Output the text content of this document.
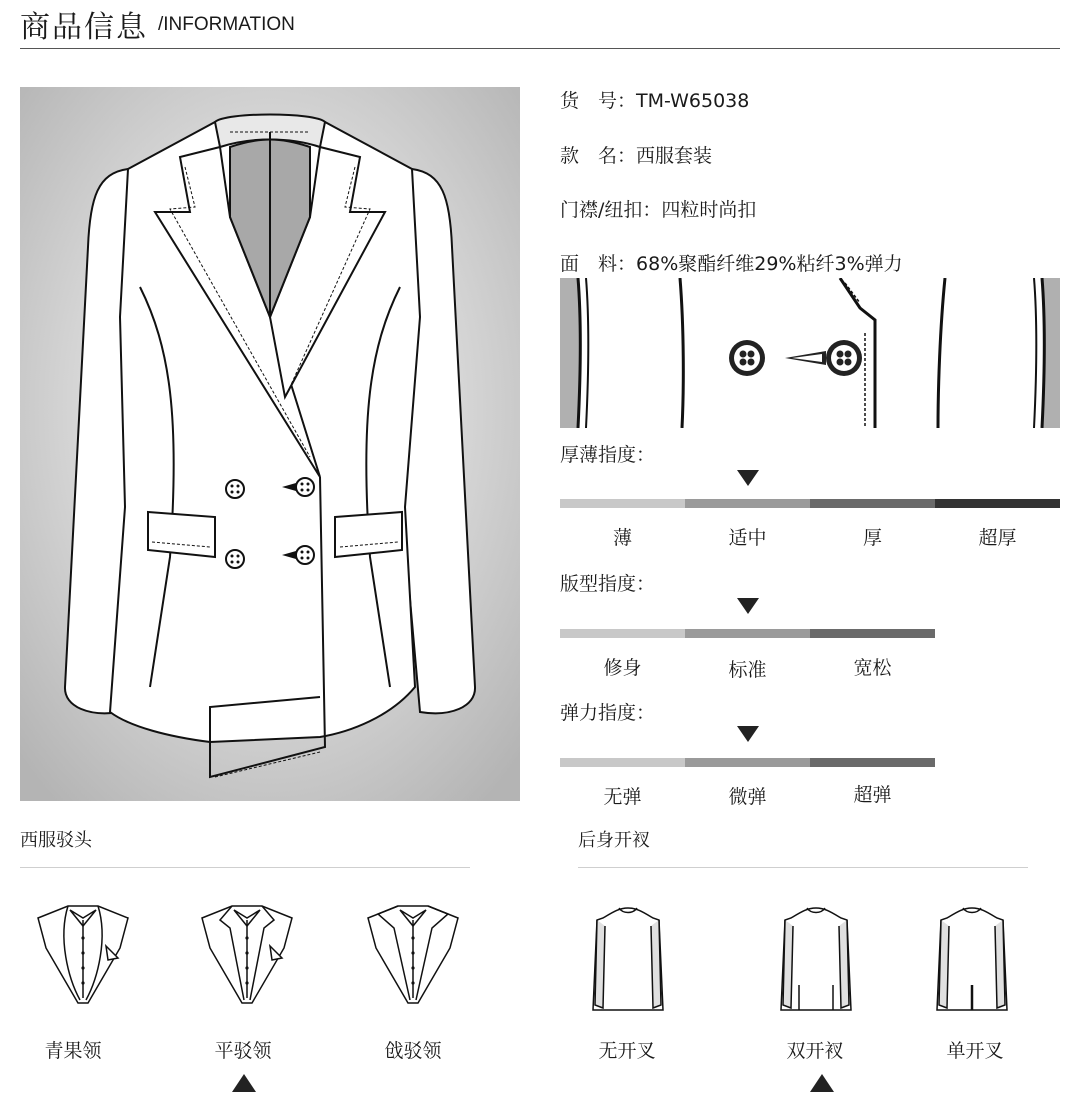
商品信息 /INFORMATION
货　号：TM-W65038
款　名：西服套装
门襟/纽扣：四粒时尚扣
面　料：68%聚酯纤维29%粘纤3%弹力
厚薄指度：
薄	适中	厚	超厚
版型指度：
修身	标准	宽松
弹力指度：
无弹	微弹	超弹
西服驳头
青果领	平驳领	戗驳领
后身开衩
无开叉	双开衩	单开叉
